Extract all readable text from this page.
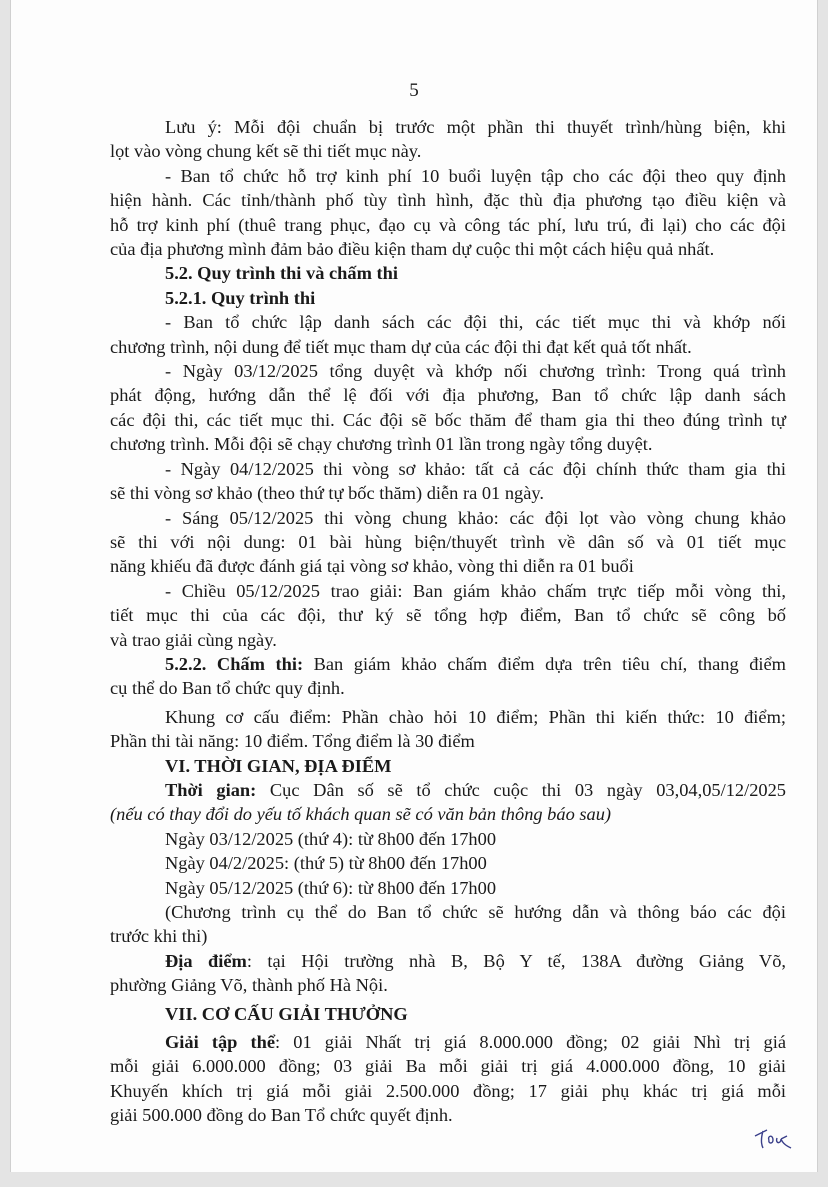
5
Lưu ý: Mỗi đội chuẩn bị trước một phần thi thuyết trình/hùng biện, khi
lọt vào vòng chung kết sẽ thi tiết mục này.
- Ban tổ chức hỗ trợ kinh phí 10 buổi luyện tập cho các đội theo quy định
hiện hành. Các tỉnh/thành phố tùy tình hình, đặc thù địa phương tạo điều kiện và
hỗ trợ kinh phí (thuê trang phục, đạo cụ và công tác phí, lưu trú, đi lại) cho các đội
của địa phương mình đảm bảo điều kiện tham dự cuộc thi một cách hiệu quả nhất.
5.2. Quy trình thi và chấm thi
5.2.1. Quy trình thi
- Ban tổ chức lập danh sách các đội thi, các tiết mục thi và khớp nối
chương trình, nội dung để tiết mục tham dự của các đội thi đạt kết quả tốt nhất.
- Ngày 03/12/2025 tổng duyệt và khớp nối chương trình: Trong quá trình
phát động, hướng dẫn thể lệ đối với địa phương, Ban tổ chức lập danh sách
các đội thi, các tiết mục thi. Các đội sẽ bốc thăm để tham gia thi theo đúng trình tự
chương trình. Mỗi đội sẽ chạy chương trình 01 lần trong ngày tổng duyệt.
- Ngày 04/12/2025 thi vòng sơ khảo: tất cả các đội chính thức tham gia thi
sẽ thi vòng sơ khảo (theo thứ tự bốc thăm) diễn ra 01 ngày.
- Sáng 05/12/2025 thi vòng chung khảo: các đội lọt vào vòng chung khảo
sẽ thi với nội dung: 01 bài hùng biện/thuyết trình về dân số và 01 tiết mục
năng khiếu đã được đánh giá tại vòng sơ khảo, vòng thi diễn ra 01 buổi
- Chiều 05/12/2025 trao giải: Ban giám khảo chấm trực tiếp mỗi vòng thi,
tiết mục thi của các đội, thư ký sẽ tổng hợp điểm, Ban tổ chức sẽ công bố
và trao giải cùng ngày.
5.2.2. Chấm thi: Ban giám khảo chấm điểm dựa trên tiêu chí, thang điểm
cụ thể do Ban tổ chức quy định.
Khung cơ cấu điểm: Phần chào hỏi 10 điểm; Phần thi kiến thức: 10 điểm;
Phần thi tài năng: 10 điểm. Tổng điểm là 30 điểm
VI. THỜI GIAN, ĐỊA ĐIỂM
Thời gian: Cục Dân số sẽ tổ chức cuộc thi 03 ngày 03,04,05/12/2025
(nếu có thay đổi do yếu tố khách quan sẽ có văn bản thông báo sau)
Ngày 03/12/2025 (thứ 4): từ 8h00 đến 17h00
Ngày 04/2/2025: (thứ 5) từ 8h00 đến 17h00
Ngày 05/12/2025 (thứ 6): từ 8h00 đến 17h00
(Chương trình cụ thể do Ban tổ chức sẽ hướng dẫn và thông báo các đội
trước khi thi)
Địa điểm: tại Hội trường nhà B, Bộ Y tế, 138A đường Giảng Võ,
phường Giảng Võ, thành phố Hà Nội.
VII. CƠ CẤU GIẢI THƯỞNG
Giải tập thể: 01 giải Nhất trị giá 8.000.000 đồng; 02 giải Nhì trị giá
mỗi giải 6.000.000 đồng; 03 giải Ba mỗi giải trị giá 4.000.000 đồng, 10 giải
Khuyến khích trị giá mỗi giải 2.500.000 đồng; 17 giải phụ khác trị giá mỗi
giải 500.000 đồng do Ban Tổ chức quyết định.
